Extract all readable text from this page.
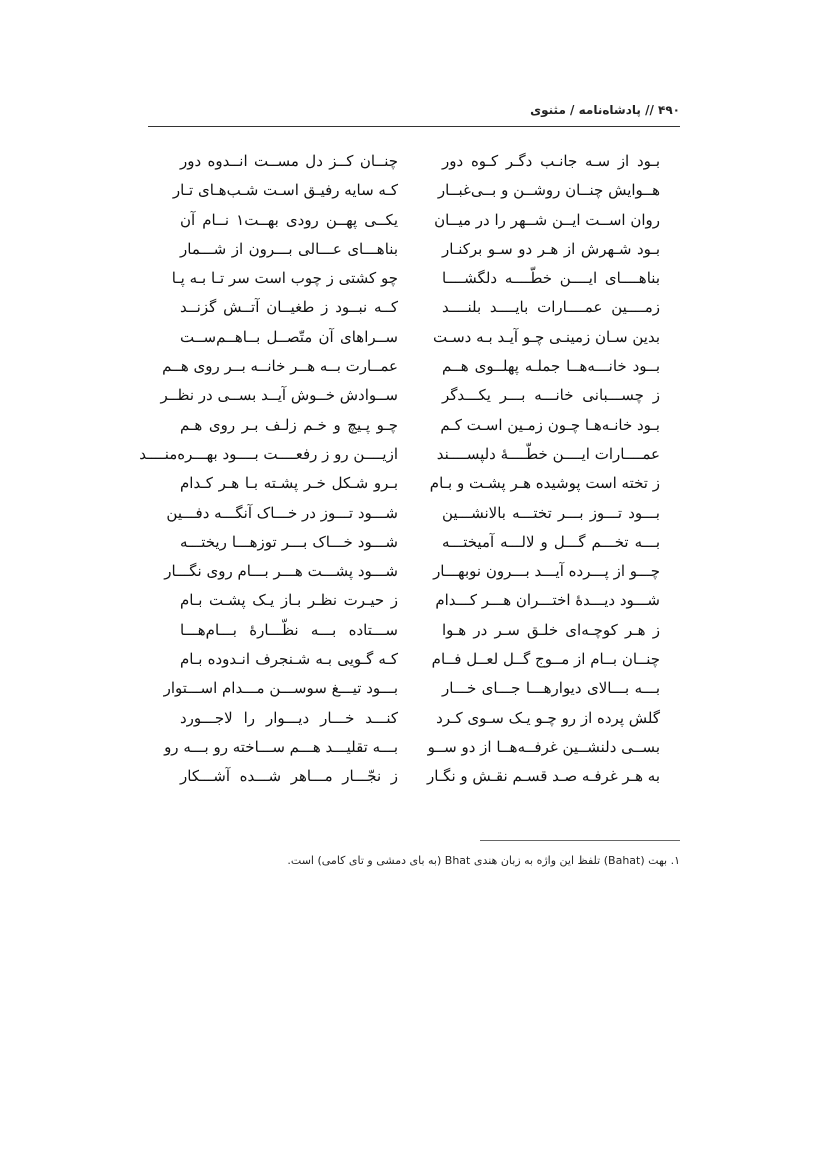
۴۹۰ // پادشاه‌نامه / مثنوی
بـود از سـه جانـب دگـر کـوه دور
چنــان کــز دل مســت انــدوه دور
هــوایش چنــان روشــن و بــی‌غبــار
کـه سایه رفیـق اسـت شـب‌هـای تـار
روان اســت ایــن شــهر را در میــان
یکــی پهــن رودی بهــت۱ نــام آن
بـود شـهرش از هـر دو سـو برکنـار
بناهـــای عـــالی بـــرون از شـــمار
بناهــــای ایــــن خطّــــه دلگشــــا
چو کشتی ز چوب است سر تـا بـه پـا
زمــــین عمــــارات بایــــد بلنــــد
کــه نبــود ز طغیــان آتــش گزنــد
بدین سـان زمینـی چـو آیـد بـه دسـت
ســراهای آن متّصــل بــاهــم‌ســت
بــود خانـــه‌هــا جملـه پهلــوی هــم
عمــارت بــه هــر خانــه بــر روی هــم
ز چســـبانی خانـــه بـــر یکـــدگر
ســوادش خــوش آیــد بســی در نظــر
بـود خانـه‌هـا چـون زمـین اسـت کـم
چـو پـیچ و خـم زلـف بـر روی هـم
عمــــارات ایــــن خطّــــهٔ دلپســــند
ازیــــن رو ز رفعــــت بــــود بهـــره‌منــــد
ز تخته است پوشیده هـر پشـت و بـام
بـرو شـکل خـر پشـته بـا هـر کـدام
بـــود تـــوز بـــر تختـــه بالانشـــین
شـــود تـــوز در خـــاک آنگـــه دفـــین
بـــه تخـــم گـــل و لالـــه آمیختـــه
شـــود خـــاک بـــر توزهـــا ریختـــه
چـــو از پـــرده آیـــد بـــرون نوبهـــار
شـــود پشـــت هـــر بـــام روی نگـــار
شـــود دیـــدهٔ اختـــران هـــر کـــدام
ز حیـرت نظـر بـاز یـک پشـت بـام
ز هـر کوچـه‌ای خلـق سـر در هـوا
ســـتاده بـــه نظّـــارهٔ بـــام‌هـــا
چنــان بــام از مــوج گــل لعــل فــام
کـه گـویی بـه شـنجرف انـدوده بـام
بـــه بـــالای دیوارهـــا جـــای خـــار
بـــود تیـــغ سوســـن مـــدام اســـتوار
گلش پرده از رو چـو یـک سـوی کـرد
کنـــد خـــار دیـــوار را لاجـــورد
بســی دلنشــین غرفــه‌هــا از دو ســو
بـــه تقلیـــد هـــم ســـاخته رو بـــه رو
به هـر غرفـه صـد قسـم نقـش و نگـار
ز نجّـــار مـــاهر شـــده آشـــکار
۱. بهت (Bahat) تلفظ این واژه به زبان هندی Bhat (به بای دمشی و تای کامی) است.
